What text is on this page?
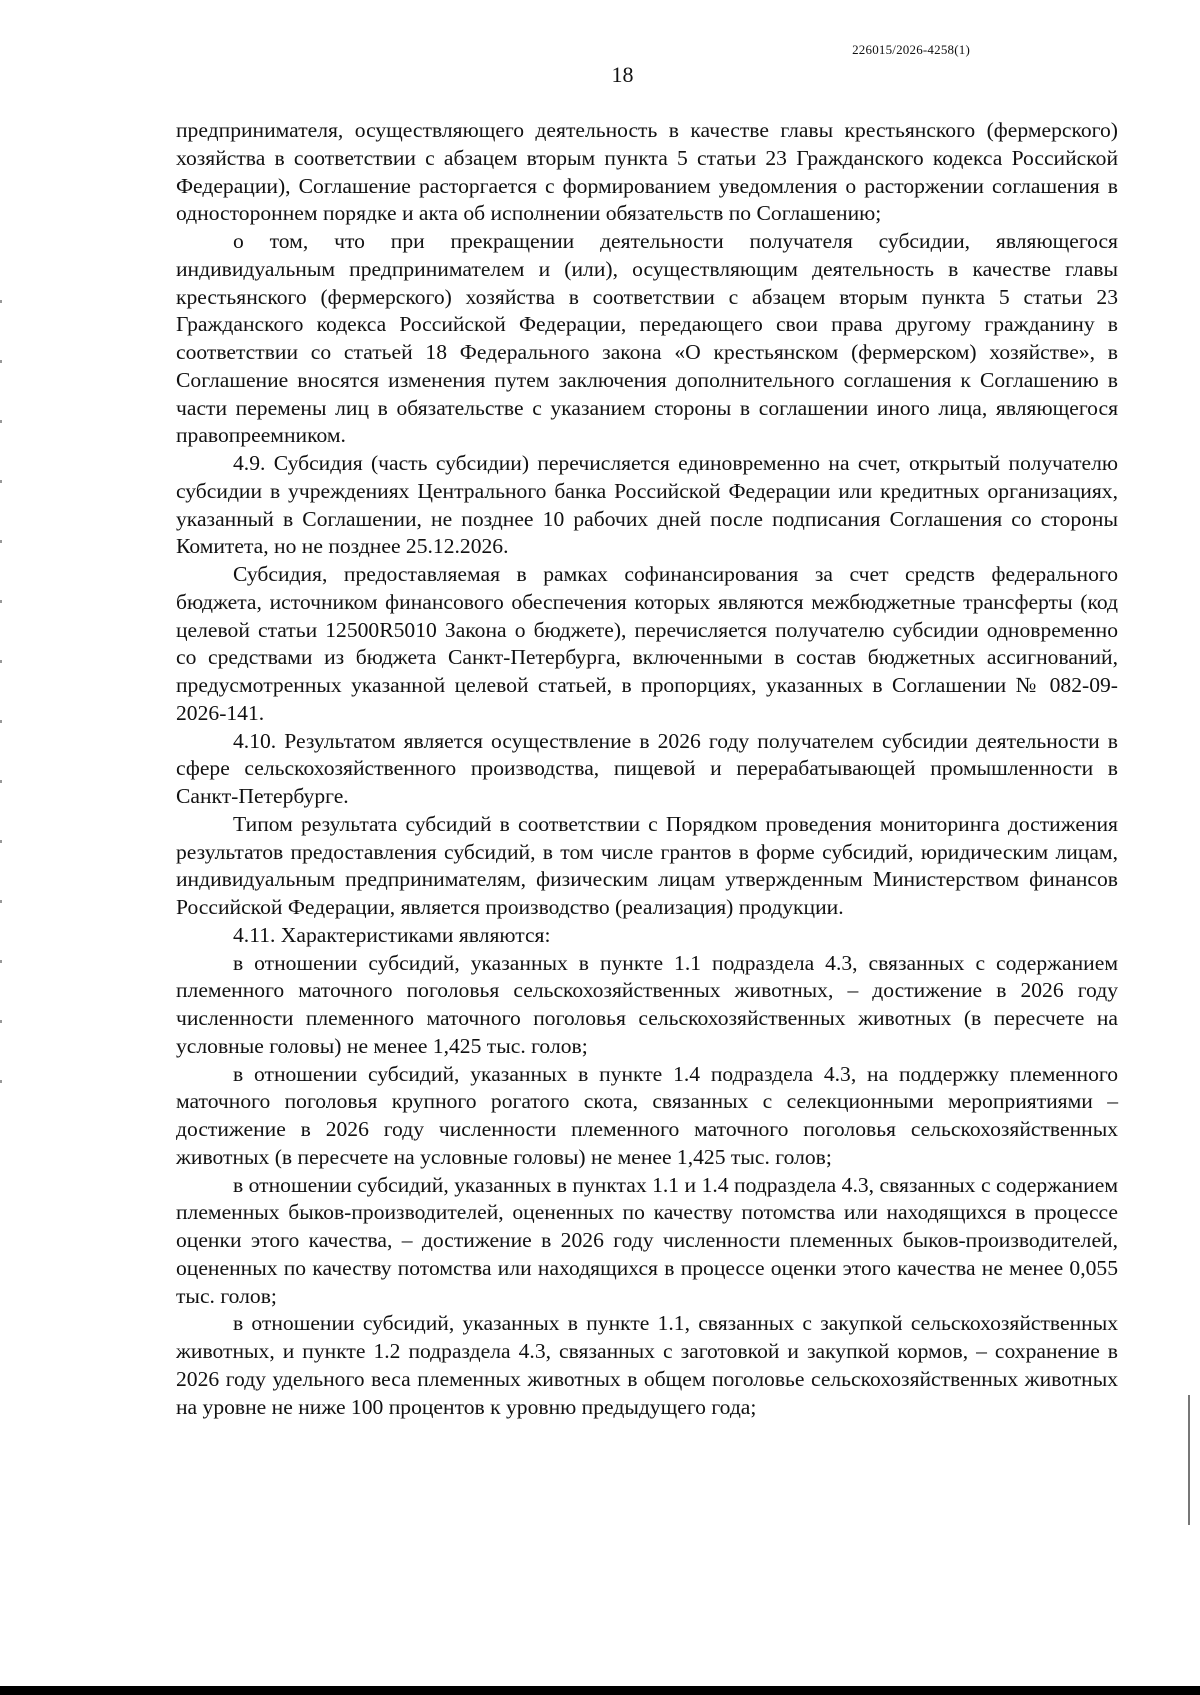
226015/2026-4258(1)
18

предпринимателя, осуществляющего деятельность в качестве главы крестьянского (фермерского) хозяйства в соответствии с абзацем вторым пункта 5 статьи 23 Гражданского кодекса Российской Федерации), Соглашение расторгается с формированием уведомления о расторжении соглашения в одностороннем порядке и акта об исполнении обязательств по Соглашению;

о том, что при прекращении деятельности получателя субсидии, являющегося индивидуальным предпринимателем и (или), осуществляющим деятельность в качестве главы крестьянского (фермерского) хозяйства в соответствии с абзацем вторым пункта 5 статьи 23 Гражданского кодекса Российской Федерации, передающего свои права другому гражданину в соответствии со статьей 18 Федерального закона «О крестьянском (фермерском) хозяйстве», в Соглашение вносятся изменения путем заключения дополнительного соглашения к Соглашению в части перемены лиц в обязательстве с указанием стороны в соглашении иного лица, являющегося правопреемником.

4.9. Субсидия (часть субсидии) перечисляется единовременно на счет, открытый получателю субсидии в учреждениях Центрального банка Российской Федерации или кредитных организациях, указанный в Соглашении, не позднее 10 рабочих дней после подписания Соглашения со стороны Комитета, но не позднее 25.12.2026.

Субсидия, предоставляемая в рамках софинансирования за счет средств федерального бюджета, источником финансового обеспечения которых являются межбюджетные трансферты (код целевой статьи 12500R5010 Закона о бюджете), перечисляется получателю субсидии одновременно со средствами из бюджета Санкт-Петербурга, включенными в состав бюджетных ассигнований, предусмотренных указанной целевой статьей, в пропорциях, указанных в Соглашении № 082-09-2026-141.

4.10. Результатом является осуществление в 2026 году получателем субсидии деятельности в сфере сельскохозяйственного производства, пищевой и перерабатывающей промышленности в Санкт-Петербурге.

Типом результата субсидий в соответствии с Порядком проведения мониторинга достижения результатов предоставления субсидий, в том числе грантов в форме субсидий, юридическим лицам, индивидуальным предпринимателям, физическим лицам утвержденным Министерством финансов Российской Федерации, является производство (реализация) продукции.

4.11. Характеристиками являются:

в отношении субсидий, указанных в пункте 1.1 подраздела 4.3, связанных с содержанием племенного маточного поголовья сельскохозяйственных животных, – достижение в 2026 году численности племенного маточного поголовья сельскохозяйственных животных (в пересчете на условные головы) не менее 1,425 тыс. голов;

в отношении субсидий, указанных в пункте 1.4 подраздела 4.3, на поддержку племенного маточного поголовья крупного рогатого скота, связанных с селекционными мероприятиями – достижение в 2026 году численности племенного маточного поголовья сельскохозяйственных животных (в пересчете на условные головы) не менее 1,425 тыс. голов;

в отношении субсидий, указанных в пунктах 1.1 и 1.4 подраздела 4.3, связанных с содержанием племенных быков-производителей, оцененных по качеству потомства или находящихся в процессе оценки этого качества, – достижение в 2026 году численности племенных быков-производителей, оцененных по качеству потомства или находящихся в процессе оценки этого качества не менее 0,055 тыс. голов;

в отношении субсидий, указанных в пункте 1.1, связанных с закупкой сельскохозяйственных животных, и пункте 1.2 подраздела 4.3, связанных с заготовкой и закупкой кормов, – сохранение в 2026 году удельного веса племенных животных в общем поголовье сельскохозяйственных животных на уровне не ниже 100 процентов к уровню предыдущего года;
